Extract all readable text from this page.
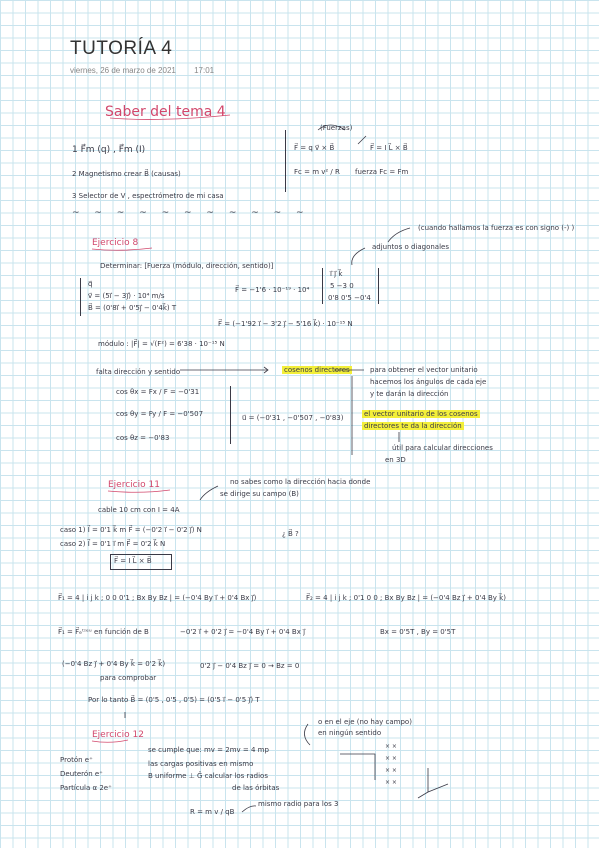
TUTORÍA 4
viernes, 26 de marzo de 2021 17:01
Saber del tema 4
1 F⃗m (q) , F⃗m (I)
2 Magnetismo crear B⃗ (causas)
3 Selector de V , espectrómetro de mi casa
(Fuerzas)
F⃗ = q v⃗ × B⃗	F⃗ = I L⃗ × B⃗
Fc = m v² / R fuerza Fc = Fm
~ ~ ~ ~ ~ ~ ~ ~ ~ ~ ~
Ejercicio 8
(cuando hallamos la fuerza es con signo (-) )
adjuntos o diagonales
Determinar: [Fuerza (módulo, dirección, sentido)]
q⃗
v⃗ = (5i⃗ − 3j⃗) · 10⁴ m/s
B⃗ = (0'8i⃗ + 0'5j⃗ − 0'4k⃗) T
F⃗ = −1'6 · 10⁻¹⁹ · 10⁴
i⃗ j⃗ k⃗
5 −3 0
0'8 0'5 −0'4
F⃗ = (−1'92 i⃗ − 3'2 j⃗ − 5'16 k⃗) · 10⁻¹⁵ N
módulo : |F⃗| = √(F²) = 6'38 · 10⁻¹⁵ N
falta dirección y sentido	cosenos directores	para obtener el vector unitario
hacemos los ángulos de cada eje
y te darán la dirección
cos θx = Fx / F = −0'31
cos θy = Fy / F = −0'507
cos θz = −0'83
u⃗ = (−0'31 , −0'507 , −0'83)	el vector unitario de los cosenos
directores te da la dirección
útil para calcular direcciones
en 3D
Ejercicio 11	no sabes como la dirección hacia donde
se dirige su campo (B)
cable 10 cm con I = 4A
caso 1) I⃗ = 0'1 k⃗ m F⃗ = (−0'2 i⃗ − 0'2 j⃗) N
caso 2) I⃗ = 0'1 i⃗ m F⃗ = 0'2 k⃗ N
¿ B⃗ ?
F⃗ = I L⃗ × B⃗
F⃗₁ = 4 | i j k ; 0 0 0'1 ; Bx By Bz | = (−0'4 By i⃗ + 0'4 Bx j⃗)	F⃗₂ = 4 | i j k ; 0'1 0 0 ; Bx By Bz | = (−0'4 Bz j⃗ + 0'4 By k⃗)
F⃗₁ = F⃗ₑᵗᶦᵉᵘ en función de B	−0'2 i⃗ + 0'2 j⃗ = −0'4 By i⃗ + 0'4 Bx j⃗	Bx = 0'5T , By = 0'5T
(−0'4 Bz j⃗ + 0'4 By k⃗ = 0'2 k⃗)
para comprobar
0'2 j⃗ − 0'4 Bz j⃗ = 0 → Bz = 0
Por lo tanto B⃗ = (0'5 , 0'5 , 0'5) = (0'5 i⃗ − 0'5 j⃗) T
Ejercicio 12
o en el eje (no hay campo)
en ningún sentido
se cumple que: mv = 2mv = 4 mp
las cargas positivas en mismo
B uniforme ⊥ Ĝ calcular los radios
de las órbitas
Protón e⁺
Deuterón e⁺
Partícula α 2e⁺
mismo radio para los 3
R = m v / qB
× ×
× ×
× ×
× ×
